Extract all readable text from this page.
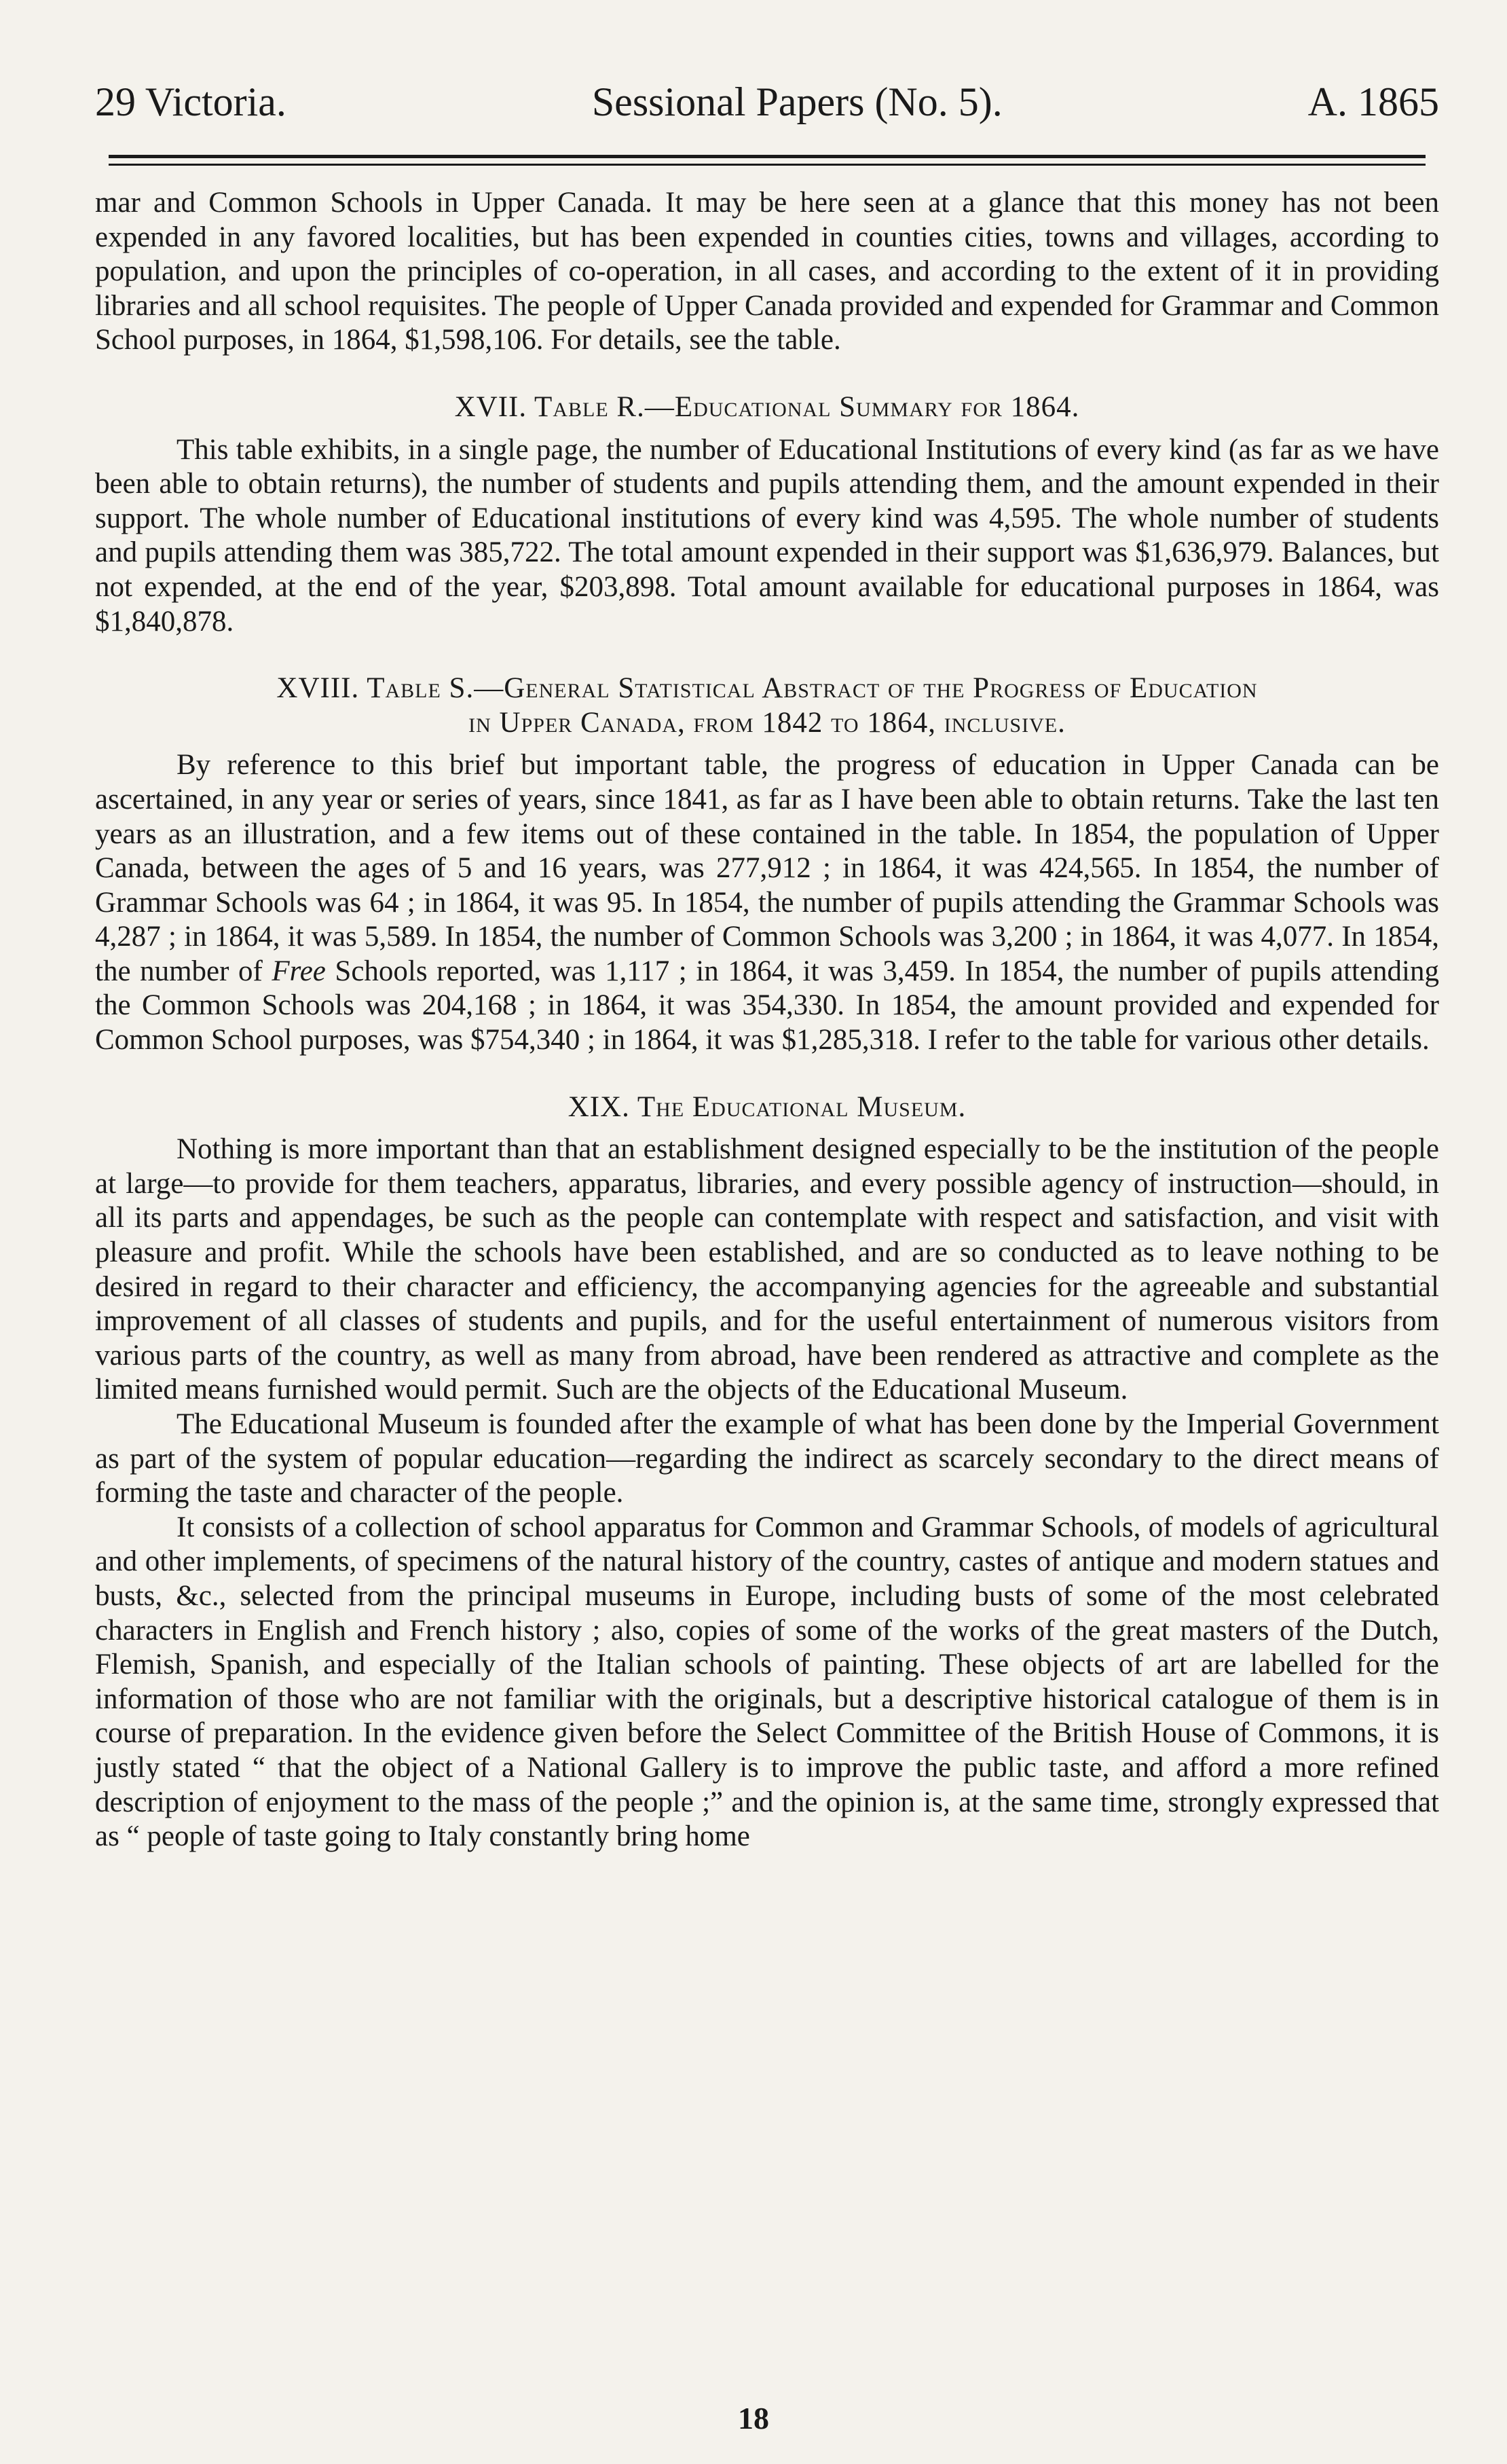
29 Victoria.	Sessional Papers (No. 5).	A. 1865

mar and Common Schools in Upper Canada. It may be here seen at a glance that this money has not been expended in any favored localities, but has been expended in counties cities, towns and villages, according to population, and upon the principles of co-operation, in all cases, and according to the extent of it in providing libraries and all school requisites. The people of Upper Canada provided and expended for Grammar and Common School purposes, in 1864, $1,598,106. For details, see the table.

XVII. Table R.—Educational Summary for 1864.

This table exhibits, in a single page, the number of Educational Institutions of every kind (as far as we have been able to obtain returns), the number of students and pupils attending them, and the amount expended in their support. The whole number of Educational institutions of every kind was 4,595. The whole number of students and pupils attending them was 385,722. The total amount expended in their support was $1,636,979. Balances, but not expended, at the end of the year, $203,898. Total amount available for educational purposes in 1864, was $1,840,878.

XVIII. Table S.—General Statistical Abstract of the Progress of Education
in Upper Canada, from 1842 to 1864, inclusive.

By reference to this brief but important table, the progress of education in Upper Canada can be ascertained, in any year or series of years, since 1841, as far as I have been able to obtain returns. Take the last ten years as an illustration, and a few items out of these contained in the table. In 1854, the population of Upper Canada, between the ages of 5 and 16 years, was 277,912 ; in 1864, it was 424,565. In 1854, the number of Grammar Schools was 64 ; in 1864, it was 95. In 1854, the number of pupils attending the Grammar Schools was 4,287 ; in 1864, it was 5,589. In 1854, the number of Common Schools was 3,200 ; in 1864, it was 4,077. In 1854, the number of Free Schools reported, was 1,117 ; in 1864, it was 3,459. In 1854, the number of pupils attending the Common Schools was 204,168 ; in 1864, it was 354,330. In 1854, the amount provided and expended for Common School purposes, was $754,340 ; in 1864, it was $1,285,318. I refer to the table for various other details.

XIX. The Educational Museum.

Nothing is more important than that an establishment designed especially to be the institution of the people at large—to provide for them teachers, apparatus, libraries, and every possible agency of instruction—should, in all its parts and appendages, be such as the people can contemplate with respect and satisfaction, and visit with pleasure and profit. While the schools have been established, and are so conducted as to leave nothing to be desired in regard to their character and efficiency, the accompanying agencies for the agreeable and substantial improvement of all classes of students and pupils, and for the useful entertainment of numerous visitors from various parts of the country, as well as many from abroad, have been rendered as attractive and complete as the limited means furnished would permit. Such are the objects of the Educational Museum.

The Educational Museum is founded after the example of what has been done by the Imperial Government as part of the system of popular education—regarding the indirect as scarcely secondary to the direct means of forming the taste and character of the people.

It consists of a collection of school apparatus for Common and Grammar Schools, of models of agricultural and other implements, of specimens of the natural history of the country, castes of antique and modern statues and busts, &c., selected from the principal museums in Europe, including busts of some of the most celebrated characters in English and French history ; also, copies of some of the works of the great masters of the Dutch, Flemish, Spanish, and especially of the Italian schools of painting. These objects of art are labelled for the information of those who are not familiar with the originals, but a descriptive historical catalogue of them is in course of preparation. In the evidence given before the Select Committee of the British House of Commons, it is justly stated “ that the object of a National Gallery is to improve the public taste, and afford a more refined description of enjoyment to the mass of the people ;” and the opinion is, at the same time, strongly expressed that as “ people of taste going to Italy constantly bring home

18
